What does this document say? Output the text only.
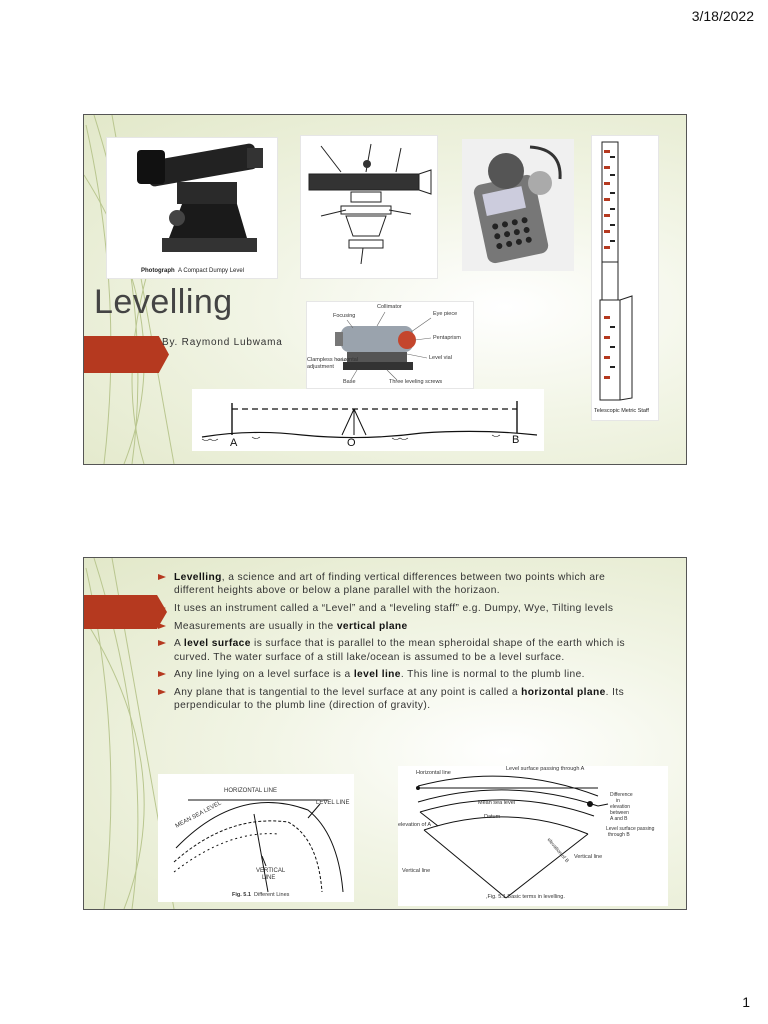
3/18/2022
Photograph A Compact Dumpy Level
Telescopic Metric Staff
Levelling
By. Raymond Lubwama
Collimator
Focusing	Eye piece
Pentaprism
Level vial
Clampless horizontal
adjustment
Base	Three leveling screws
A	O	B
Levelling, a science and art of finding vertical differences between two points which are different heights above or below a plane parallel with the horizaon.
It uses an instrument called a “Level” and a “leveling staff” e.g. Dumpy, Wye, Tilting levels
Measurements are usually in the vertical plane
A level surface is surface that is parallel to the mean spheroidal shape of the earth which is curved. The water surface of a still lake/ocean is assumed to be a level surface.
Any line lying on a level surface is a level line. This line is normal to the plumb line.
Any plane that is tangential to the level surface at any point is called a horizontal plane. Its perpendicular to the plumb line (direction of gravity).
HORIZONTAL LINE
MEAN SEA LEVEL	LEVEL LINE
VERTICAL
LINE
Fig. 5.1 Different Lines
Horizontal line
Level surface passing through A
Difference
in
elevation
between
A and B
Mean sea level
Datum
elevation of A
elevation of B
Level surface passing
through B
Vertical line
Vertical line
,Fig. 5.1 Basic terms in levelling.
1
